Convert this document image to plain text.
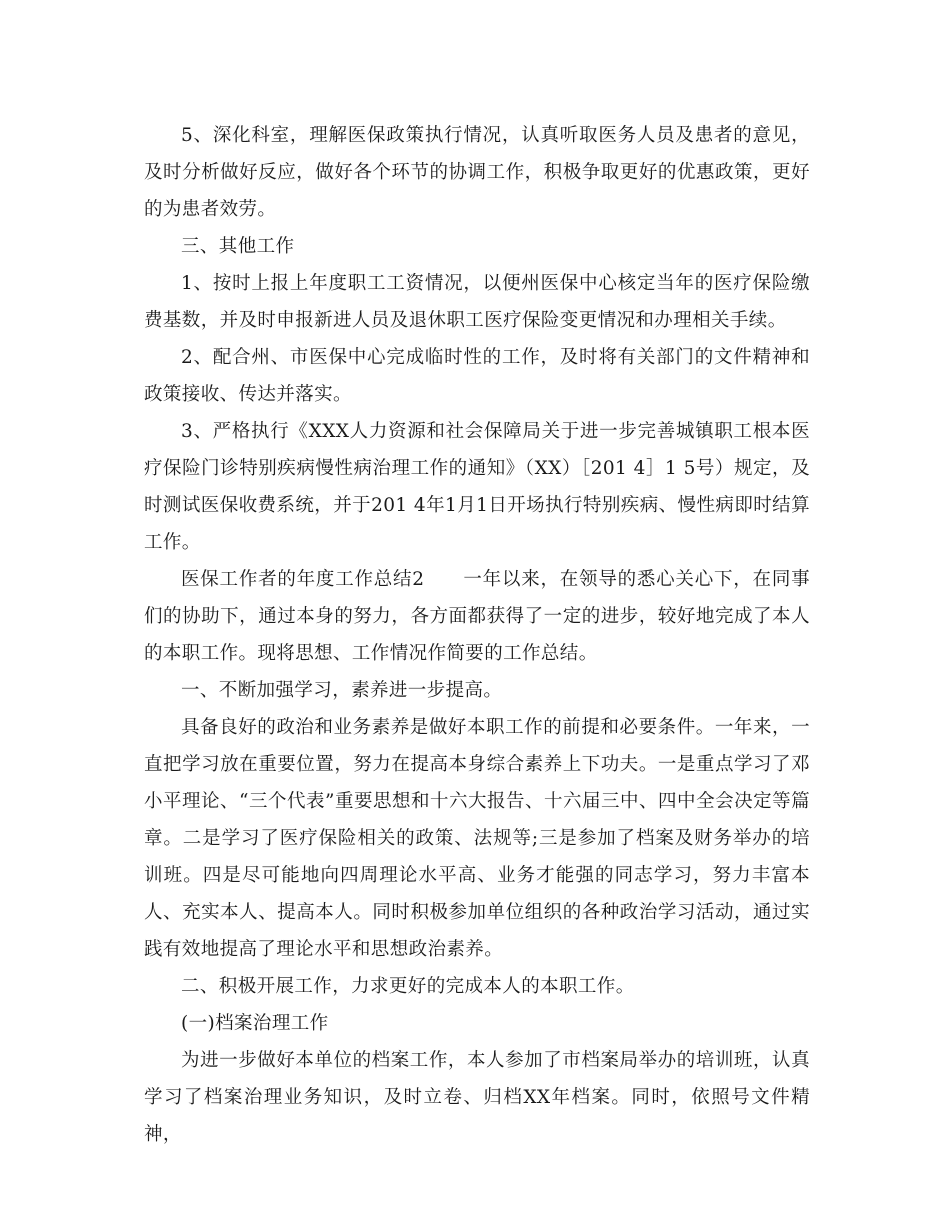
5、深化科室，理解医保政策执行情况，认真听取医务人员及患者的意见，及时分析做好反应，做好各个环节的协调工作，积极争取更好的优惠政策，更好的为患者效劳。

三、其他工作

1、按时上报上年度职工工资情况，以便州医保中心核定当年的医疗保险缴费基数，并及时申报新进人员及退休职工医疗保险变更情况和办理相关手续。

2、配合州、市医保中心完成临时性的工作，及时将有关部门的文件精神和政策接收、传达并落实。

3、严格执行《XXX人力资源和社会保障局关于进一步完善城镇职工根本医疗保险门诊特别疾病慢性病治理工作的通知》（XX）［201 4］1 5号）规定，及时测试医保收费系统，并于201 4年1月1日开场执行特别疾病、慢性病即时结算工作。

医保工作者的年度工作总结2　　一年以来，在领导的悉心关心下，在同事们的协助下，通过本身的努力，各方面都获得了一定的进步，较好地完成了本人的本职工作。现将思想、工作情况作简要的工作总结。

一、不断加强学习，素养进一步提高。

具备良好的政治和业务素养是做好本职工作的前提和必要条件。一年来，一直把学习放在重要位置，努力在提高本身综合素养上下功夫。一是重点学习了邓小平理论、“三个代表”重要思想和十六大报告、十六届三中、四中全会决定等篇章。二是学习了医疗保险相关的政策、法规等;三是参加了档案及财务举办的培训班。四是尽可能地向四周理论水平高、业务才能强的同志学习，努力丰富本人、充实本人、提高本人。同时积极参加单位组织的各种政治学习活动，通过实践有效地提高了理论水平和思想政治素养。

二、积极开展工作，力求更好的完成本人的本职工作。

(一)档案治理工作

为进一步做好本单位的档案工作，本人参加了市档案局举办的培训班，认真学习了档案治理业务知识，及时立卷、归档XX年档案。同时，依照号文件精神，
